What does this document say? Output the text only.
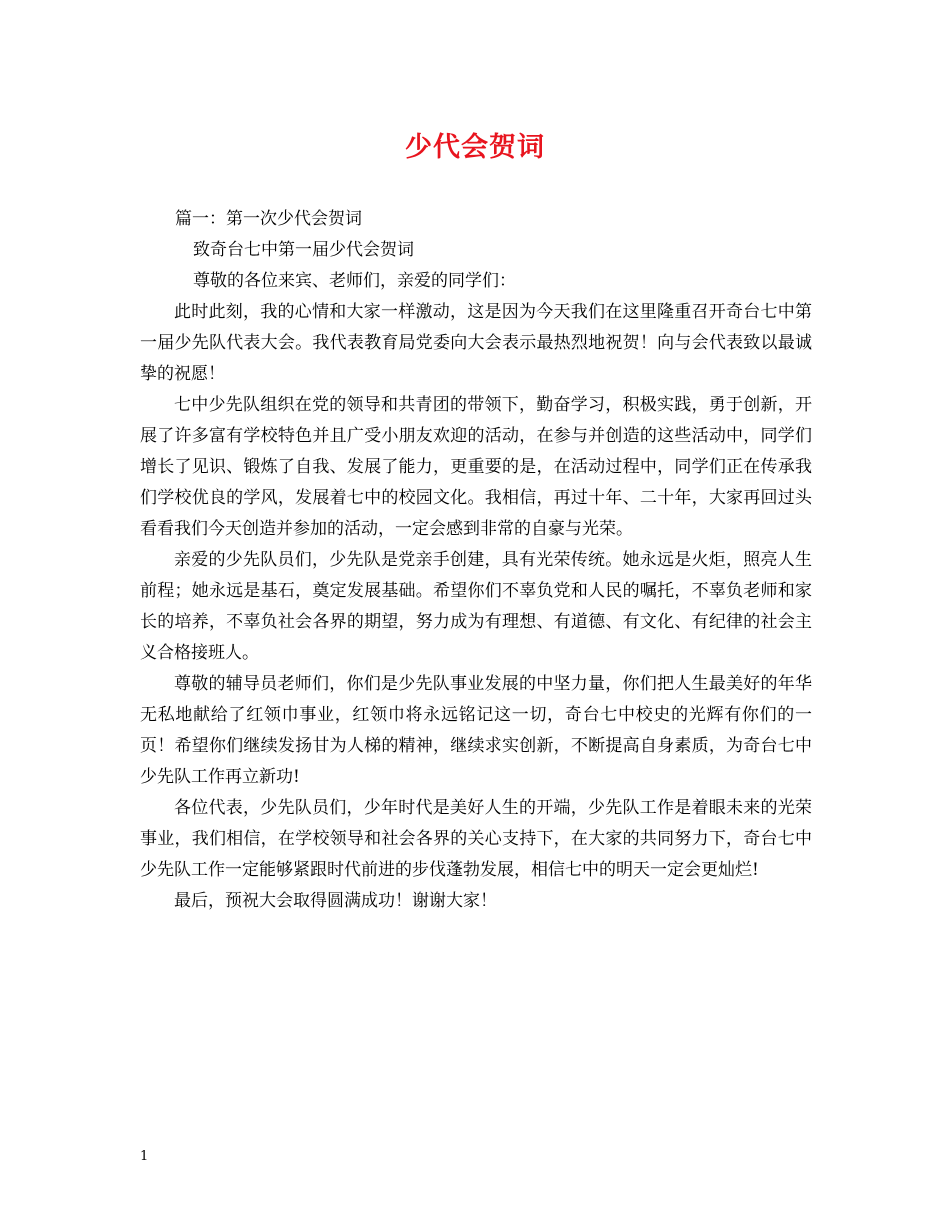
少代会贺词
篇一：第一次少代会贺词
致奇台七中第一届少代会贺词
尊敬的各位来宾、老师们，亲爱的同学们：

此时此刻，我的心情和大家一样激动，这是因为今天我们在这里隆重召开奇台七中第一届少先队代表大会。我代表教育局党委向大会表示最热烈地祝贺！向与会代表致以最诚挚的祝愿！

七中少先队组织在党的领导和共青团的带领下，勤奋学习，积极实践，勇于创新，开展了许多富有学校特色并且广受小朋友欢迎的活动，在参与并创造的这些活动中，同学们增长了见识、锻炼了自我、发展了能力，更重要的是，在活动过程中，同学们正在传承我们学校优良的学风，发展着七中的校园文化。我相信，再过十年、二十年，大家再回过头看看我们今天创造并参加的活动，一定会感到非常的自豪与光荣。

亲爱的少先队员们，少先队是党亲手创建，具有光荣传统。她永远是火炬，照亮人生前程；她永远是基石，奠定发展基础。希望你们不辜负党和人民的嘱托，不辜负老师和家长的培养，不辜负社会各界的期望，努力成为有理想、有道德、有文化、有纪律的社会主义合格接班人。

尊敬的辅导员老师们，你们是少先队事业发展的中坚力量，你们把人生最美好的年华无私地献给了红领巾事业，红领巾将永远铭记这一切，奇台七中校史的光辉有你们的一页！希望你们继续发扬甘为人梯的精神，继续求实创新，不断提高自身素质，为奇台七中少先队工作再立新功!

各位代表，少先队员们，少年时代是美好人生的开端，少先队工作是着眼未来的光荣事业，我们相信，在学校领导和社会各界的关心支持下，在大家的共同努力下，奇台七中少先队工作一定能够紧跟时代前进的步伐蓬勃发展，相信七中的明天一定会更灿烂!

最后，预祝大会取得圆满成功！谢谢大家！

1
